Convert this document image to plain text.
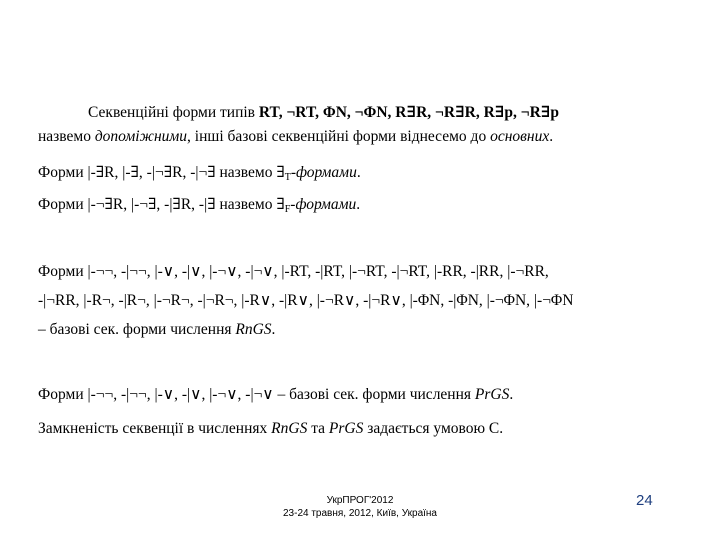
Секвенційні форми типів RT, ¬RT, ΦN, ¬ΦN, R∃R, ¬R∃R, R∃p, ¬R∃p
назвемо допоміжними, інші базові секвенційні форми віднесемо до основних.
Форми |-∃R, |-∃, -|¬∃R, -|¬∃ назвемо $\exists_T$-формами.
Форми |-¬∃R, |-¬∃, -|∃R, -|∃ назвемо $\exists_F$-формами.
Форми |-¬¬, -|¬¬, |-∨, -|∨, |-¬∨, -|¬∨, |-RT, -|RT, |-¬RT, -|¬RT, |-RR, -|RR, |-¬RR,
-|¬RR, |-R¬, -|R¬, |-¬R¬, -|¬R¬, |-R∨, -|R∨, |-¬R∨, -|¬R∨, |-ΦN, -|ΦN, |-¬ΦN, |-¬ΦN
– базові сек. форми числення RnGS.
Форми |-¬¬, -|¬¬, |-∨, -|∨, |-¬∨, -|¬∨ – базові сек. форми числення PrGS.
Замкненість секвенції в численнях RnGS та PrGS задається умовою С.
УкрПРОГ'2012
23-24 травня, 2012, Київ, Україна
24
